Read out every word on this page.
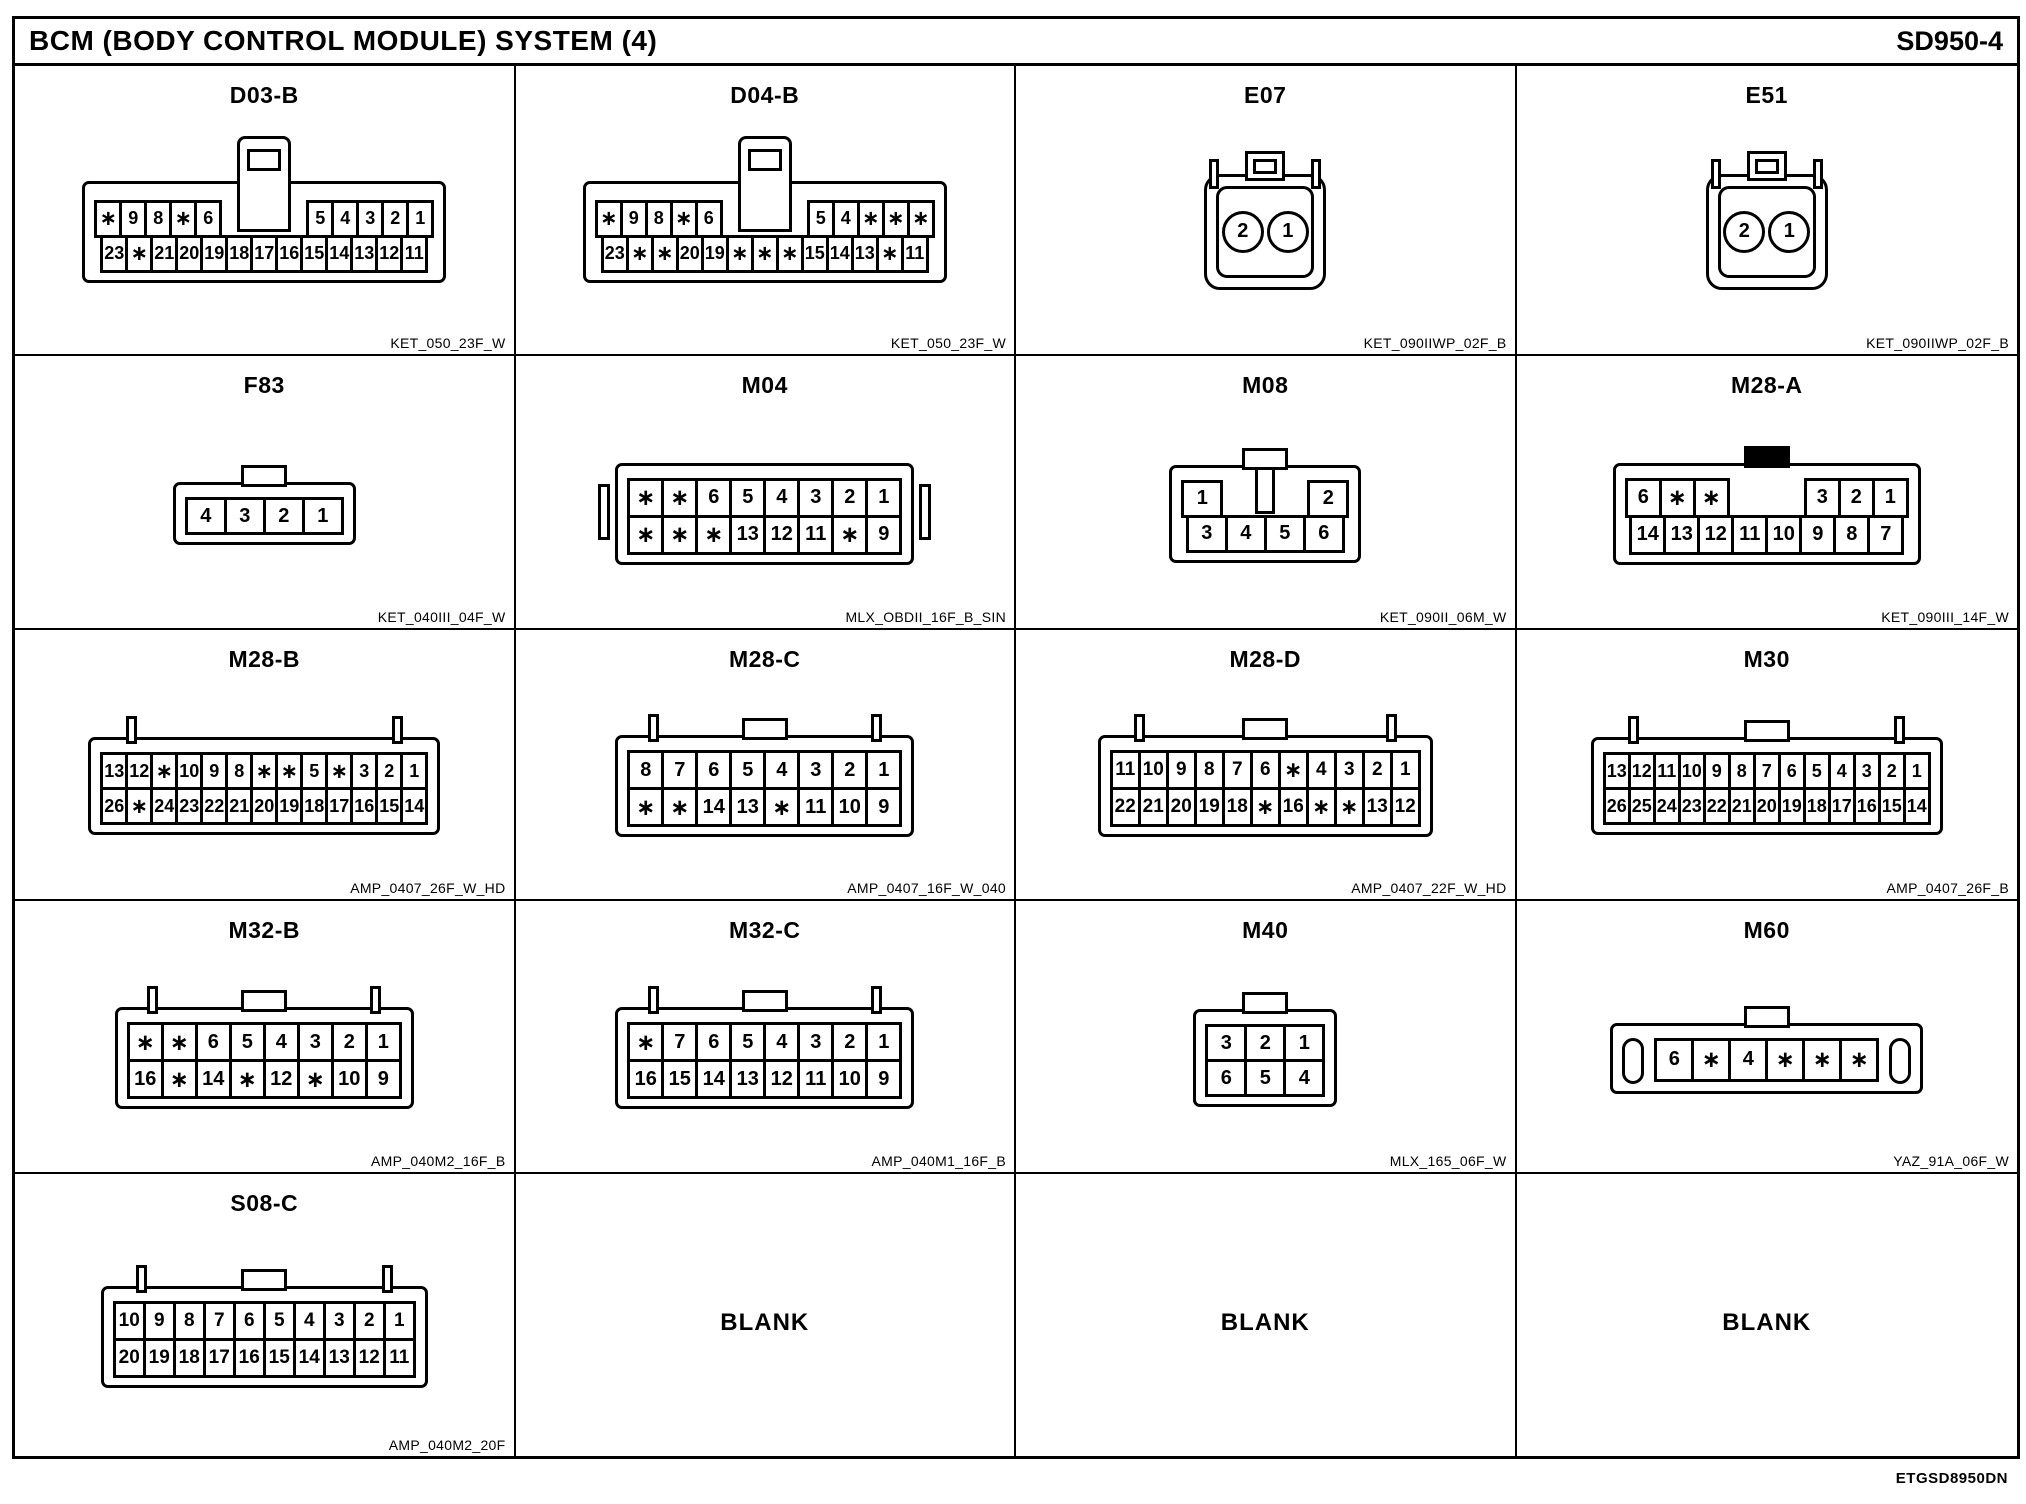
BCM (BODY CONTROL MODULE) SYSTEM (4)	SD950-4
D03-B
∗ 9 8 ∗ 6	5 4 3 2 1
23 ∗ 21 20 19 18 17 16 15 14 13 12 11
KET_050_23F_W
D04-B
∗ 9 8 ∗ 6	5 4 ∗ ∗ ∗
23 ∗ ∗ 20 19 ∗ ∗ ∗ 15 14 13 ∗ 11
KET_050_23F_W
E07
2	1
KET_090IIWP_02F_B
E51
2	1
KET_090IIWP_02F_B
F83
4	3	2	1
KET_040III_04F_W
M04
∗ ∗ 6	5	4	3	2	1
∗ ∗ ∗ 13 12 11 ∗ 9
MLX_OBDII_16F_B_SIN
M08
1	2
3	4	5	6
KET_090II_06M_W
M28-A
6 ∗ ∗	3	2	1
14 13 12 11 10 9	8	7
KET_090III_14F_W
M28-B
13 12 ∗ 10 9 8 ∗ ∗ 5 ∗ 3 2 1
26 ∗ 24 23 22 21 20 19 18 17 16 15 14
AMP_0407_26F_W_HD
M28-C
8	7	6	5	4	3	2	1
∗ ∗ 14 13 ∗ 11 10 9
AMP_0407_16F_W_040
M28-D
11 10 9 8 7 6 ∗ 4 3 2 1
22 21 20 19 18 ∗ 16 ∗ ∗ 13 12
AMP_0407_22F_W_HD
M30
13 12 11 10 9 8 7 6 5 4 3 2 1
26 25 24 23 22 21 20 19 18 17 16 15 14
AMP_0407_26F_B
M32-B
∗ ∗ 6	5	4	3	2	1
16 ∗ 14 ∗ 12 ∗ 10 9
AMP_040M2_16F_B
M32-C
∗ 7	6	5	4	3	2	1
16 15 14 13 12 11 10 9
AMP_040M1_16F_B
M40
3	2	1
6	5	4
MLX_165_06F_W
M60
6 ∗	4 ∗ ∗ ∗
YAZ_91A_06F_W
S08-C
10 9	8	7	6	5	4	3	2	1
20 19 18 17 16 15 14 13 12 11
AMP_040M2_20F
BLANK	BLANK	BLANK
ETGSD8950DN
